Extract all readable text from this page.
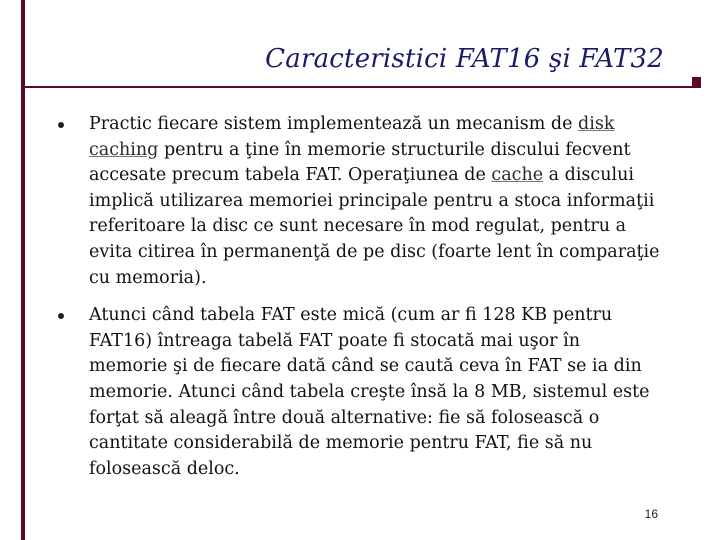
Caracteristici FAT16 şi FAT32
Practic fiecare sistem implementează un mecanism de disk caching pentru a ţine în memorie structurile discului fecvent accesate precum tabela FAT. Operaţiunea de cache a discului implică utilizarea memoriei principale pentru a stoca informaţii referitoare la disc ce sunt necesare în mod regulat, pentru a evita citirea în permanenţă de pe disc (foarte lent în comparaţie cu memoria).
Atunci când tabela FAT este mică (cum ar fi 128 KB pentru FAT16) întreaga tabelă FAT poate fi stocată mai uşor în memorie şi de fiecare dată când se caută ceva în FAT se ia din memorie. Atunci când tabela creşte însă la 8 MB, sistemul este forţat să aleagă între două alternative: fie să folosească o cantitate considerabilă de memorie pentru FAT, fie să nu folosească deloc.
16
